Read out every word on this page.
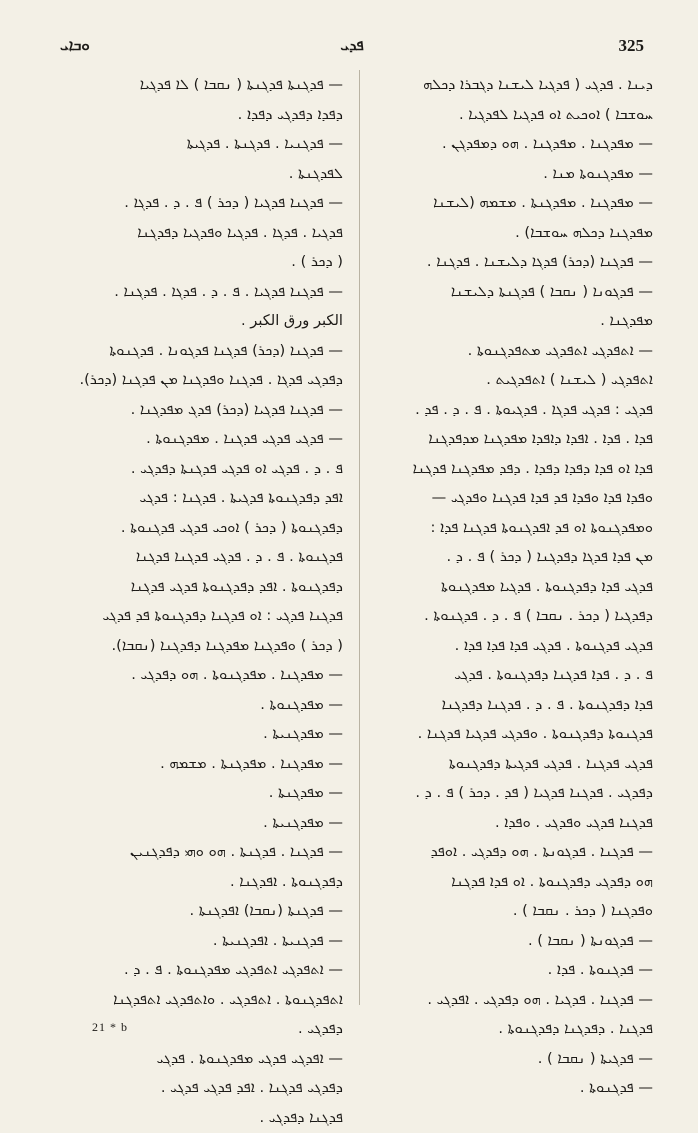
ܘܒܐܝ	ܦܕܝ	325
ܕܝܢܐ . ܦܕܓܝ ( ܦܕܓܝܐ ܠܝܫܢܐ ܕܓܒܪܐ ܕܟܠܗ
ܚܘܫܒܐ ) ܐܘܟܝܬ ܐܘ ܦܕܓܝܐ ܠܦܕܓܝܐ .
— ܡܦܕܓܢܐ . ܡܦܕܓܢܐ . ܗܘ ܕܡܦܕܓܢ .
— ܡܦܕܓܢܘܬܐ ܡܢܐ .
— ܡܦܕܓܢܐ . ܡܦܕܓܢܬܐ . ܡܫܡܗ (ܠܝܫܢܐ
ܡܦܕܓܢܐ ܕܟܠܗ ܚܘܫܒܐ) .
— ܦܕܓܢܐ (ܕܟܪ) ܦܕܓܐ ܕܠܝܫܢܐ . ܦܕܓܢܐ .
— ܦܕܓܘܢܐ ( ܢܩܒܐ ) ܦܕܓܢܬܐ ܕܠܝܫܢܐ
ܡܦܕܓܢܐ .
— ܐܬܦܕܓܝ ܐܬܦܕܓܝ ܡܬܦܕܓܢܘܬܐ .
ܐܬܦܕܓܝ ( ܠܝܫܢܐ ) ܐܬܦܕܓܝܬ .
ܦܕܓܝ : ܦܕܓܝ ܦܕܓܐ . ܦܕܓܝܘܬܐ . ܦ . ܕ . ܦܕ .
ܦܕܐ . ܦܕܐ . ܐܦܕܐ ܕܐܦܕܐ ܡܦܕܓܢܐ ܡܕܦܕܓܢܐ
ܦܕܐ ܐܘ ܦܕܐ ܕܦܕܐ ܕܦܕܐ . ܕܦܕ ܡܦܕܓܢܐ ܦܕܓܢܐ
ܘܦܕܐ ܦܕܐ ܘܦܕܐ ܦܕ ܦܕܐ ܦܕܓܢܐ ܘܦܕܓܝ —
ܘܡܦܕܓܢܘܬܐ ܐܘ ܦܕ ܐܦܕܓܢܘܬܐ ܦܕܓܢܐ ܦܕܐ :
ܡܢ ܦܕܐ ܦܕܓܐ ܕܦܕܓܢܐ ( ܕܟܪ ) ܦ . ܕ .
ܦܕܓܝ ܦܕܐ ܕܦܕܓܢܘܬܐ . ܦܕܓܝܐ ܡܦܕܓܢܘܬܐ
ܕܦܕܓܝܐ ( ܕܟܪ . ܢܩܒܐ ) ܦ . ܕ . ܦܕܓܢܘܬܐ .
ܦܕܓܝ ܦܕܓܢܘܬܐ . ܦܕܓܝ ܦܕܐ ܦܕܐ ܦܕܐ .
ܦ . ܕ . ܦܕܐ ܦܕܓܢܐ ܕܦܕܓܢܘܬܐ . ܦܕܓܝ
ܦܕܐ ܕܦܕܓܢܘܬܐ . ܦ . ܕ . ܦܕܓܢܐ ܕܦܕܓܢܐ
ܦܕܓܢܘܬܐ ܕܦܕܓܢܘܬܐ . ܘܦܕܓܝ ܦܕܓܝܐ ܦܕܓܢܐ .
ܦܕܓܝ ܦܕܓܢܐ . ܦܕܓܝ ܦܕܓܝܬܐ ܕܦܕܓܢܘܬܐ
ܕܦܕܓܝ . ܦܕܓܢܐ ܦܕܓܝܐ ( ܦܕ . ܕܟܪ ) ܦ . ܕ .
ܦܕܓܢܐ ܦܕܓܝ ܘܦܕܓܝ . ܘܦܕܐ .
— ܦܕܓܢܐ . ܦܕܓܘܢܬܐ . ܗܘ ܕܦܕܓܝ . ܐܘܦܕ
ܗܘ ܕܦܕܓܝ ܕܦܕܓܢܘܬܐ . ܐܘ ܦܕܐ ܦܕܓܢܐ
ܘܦܕܓܢܐ ( ܕܟܪ . ܢܩܒܐ ) .
— ܦܕܓܘܢܬܐ ( ܢܩܒܐ ) .
— ܦܕܓܢܘܬܐ . ܦܕܐ .
— ܦܕܓܢܐ . ܦܕܓܝܐ . ܗܘ ܕܦܕܓܝ . ܐܦܕܓܝ .
ܦܕܓܢܐ . ܕܦܕܓܢܐ ܕܦܕܓܢܘܬܐ .
— ܦܕܓܝܬܐ ( ܢܩܒܐ ) .
— ܦܕܓܢܘܬܐ .
— ܦܕܓܢܬܐ ܦܕܓܢܬܐ ( ܢܩܒܐ ) ܠܐ ܦܕܓܝܐ
ܕܦܕܐ ܕܦܕܓܝ ܕܦܕܐ .
— ܦܕܓܢܝܐ . ܦܕܓܢܬܐ . ܦܕܓܝܬܐ
ܠܦܕܓܢܬܐ .
— ܦܕܓܢܐ ܦܕܓܝܐ ( ܕܟܪ ) ܦ . ܕ . ܦܕܓܐ .
ܦܕܓܝܐ . ܦܕܓܐ . ܦܕܓܝܐ ܘܦܕܓܝܐ ܕܦܕܓܢܐ
( ܕܟܪ ) .
— ܦܕܓܢܐ ܦܕܓܝܐ . ܦ . ܕ . ܦܕܓܐ . ܦܕܓܢܐ .
الكبر ورق الكبر .
— ܦܕܓܢܐ (ܕܟܪ) ܦܕܓܢܐ ܦܕܓܘܢܐ . ܦܕܓܢܘܬܐ
ܕܦܕܓܝ ܦܕܓܐ . ܦܕܓܢܐ ܘܦܕܓܢܐ ܡܢ ܦܕܓܢܐ (ܕܟܪ).
— ܦܕܓܢܐ ܦܕܓܝܐ (ܕܟܪ) ܦܕܓ ܡܦܕܓܢܐ .
— ܦܕܓܝ ܦܕܓܝ ܦܕܓܢܐ . ܡܦܕܓܢܘܬܐ .
ܦ . ܕ . ܦܕܓܝ ܐܘ ܦܕܓܝ ܦܕܓܢܬܐ ܕܦܕܓܝ .
ܐܦܕ ܕܦܕܓܢܘܬܐ ܦܕܓܝܬܐ . ܦܕܓܢܐ : ܦܕܓܝ
ܕܦܕܓܢܘܬܐ ( ܕܟܪ ) ܐܘܟܝ ܦܕܓܝ ܦܕܓܢܘܬܐ .
ܦܕܓܢܘܬܐ . ܦ . ܕ . ܦܕܓܝ ܦܕܓܢܐ ܦܕܓܢܐ
ܕܦܕܓܢܘܬܐ . ܐܦܕ ܕܦܕܓܢܘܬܐ ܦܕܓܝ ܦܕܓܢܐ
ܦܕܓܢܐ ܦܕܓܝ : ܐܘ ܦܕܓܢܐ ܕܦܕܓܢܘܬܐ ܦܕ ܦܕܓܝ
( ܕܟܪ ) ܘܦܕܓܢܐ ܡܦܕܓܢܐ ܕܦܕܓܢܐ (ܢܩܒܐ).
— ܡܦܕܓܢܐ . ܡܦܕܓܢܘܬܐ . ܗܘ ܕܦܕܓܝ .
— ܡܦܕܓܢܘܬܐ .
— ܡܦܕܓܢܝܬܐ .
— ܡܦܕܓܢܐ . ܡܦܕܓܢܬܐ . ܡܫܡܗ .
— ܡܦܕܓܢܬܐ .
— ܡܦܕܓܢܝܬܐ .
— ܦܕܓܢܐ . ܦܕܓܢܬܐ . ܗܘ ܘܗܝ ܕܦܕܓܢܝܢ
ܕܦܕܓܢܘܬܐ . ܐܦܕܓܢܐ .
— ܦܕܓܢܬܐ (ܢܩܒܐ) ܐܦܕܓܢܬܐ .
— ܦܕܓܢܝܬܐ . ܐܦܕܓܢܝܬܐ .
— ܐܬܦܕܓܝ ܐܬܦܕܓܝ ܡܦܕܓܢܘܬܐ . ܦ . ܕ .
ܐܬܦܕܓܢܘܬܐ . ܐܬܦܕܓܝ . ܘܐܬܦܕܓܝ ܐܬܦܕܓܢܐ
ܕܦܕܓܝ .
— ܐܦܕܓܝ ܦܕܓܝ ܡܦܕܓܢܘܬܐ . ܦܕܓܝ
ܕܦܕܓܝ ܦܕܓܢܐ . ܐܦܕ ܦܕܓܝ ܦܕܓܝ .
ܦܕܓܢܐ ܕܦܕܓܝ .
21 * b
